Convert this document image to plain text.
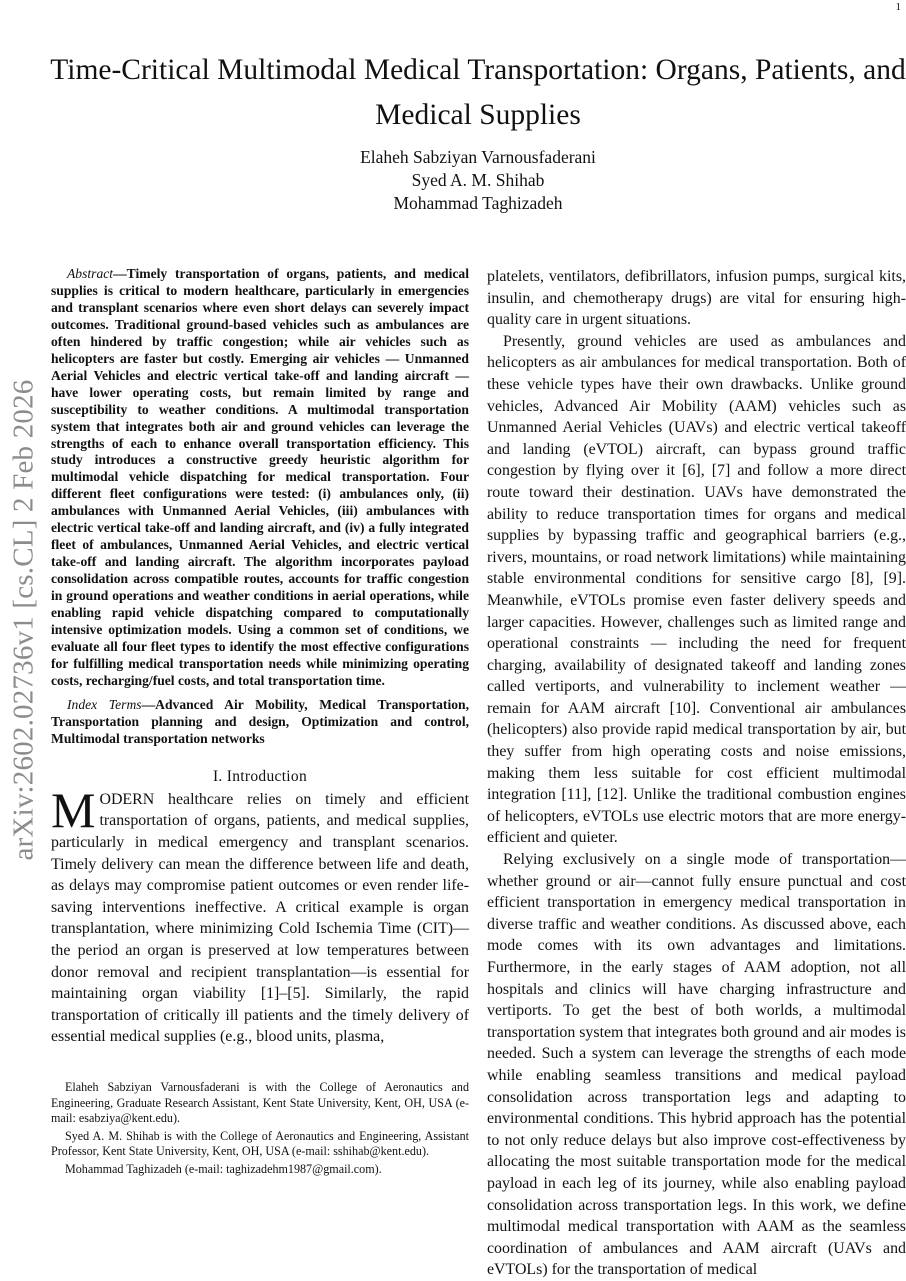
1
arXiv:2602.02736v1 [cs.CL] 2 Feb 2026
Time-Critical Multimodal Medical Transportation: Organs, Patients, and Medical Supplies
Elaheh Sabziyan Varnousfaderani
Syed A. M. Shihab
Mohammad Taghizadeh

Abstract—Timely transportation of organs, patients, and medical supplies is critical to modern healthcare, particularly in emergencies and transplant scenarios where even short delays can severely impact outcomes. Traditional ground-based vehicles such as ambulances are often hindered by traffic congestion; while air vehicles such as helicopters are faster but costly. Emerging air vehicles — Unmanned Aerial Vehicles and electric vertical take-off and landing aircraft — have lower operating costs, but remain limited by range and susceptibility to weather conditions. A multimodal transportation system that integrates both air and ground vehicles can leverage the strengths of each to enhance overall transportation efficiency. This study introduces a constructive greedy heuristic algorithm for multimodal vehicle dispatching for medical transportation. Four different fleet configurations were tested: (i) ambulances only, (ii) ambulances with Unmanned Aerial Vehicles, (iii) ambulances with electric vertical take-off and landing aircraft, and (iv) a fully integrated fleet of ambulances, Unmanned Aerial Vehicles, and electric vertical take-off and landing aircraft. The algorithm incorporates payload consolidation across compatible routes, accounts for traffic congestion in ground operations and weather conditions in aerial operations, while enabling rapid vehicle dispatching compared to computationally intensive optimization models. Using a common set of conditions, we evaluate all four fleet types to identify the most effective configurations for fulfilling medical transportation needs while minimizing operating costs, recharging/fuel costs, and total transportation time.

Index Terms—Advanced Air Mobility, Medical Transportation, Transportation planning and design, Optimization and control, Multimodal transportation networks

I. Introduction

MODERN healthcare relies on timely and efficient transportation of organs, patients, and medical supplies, particularly in medical emergency and transplant scenarios. Timely delivery can mean the difference between life and death, as delays may compromise patient outcomes or even render life-saving interventions ineffective. A critical example is organ transplantation, where minimizing Cold Ischemia Time (CIT)—the period an organ is preserved at low temperatures between donor removal and recipient transplantation—is essential for maintaining organ viability [1]–[5]. Similarly, the rapid transportation of critically ill patients and the timely delivery of essential medical supplies (e.g., blood units, plasma,

Elaheh Sabziyan Varnousfaderani is with the College of Aeronautics and Engineering, Graduate Research Assistant, Kent State University, Kent, OH, USA (e-mail: esabziya@kent.edu).

Syed A. M. Shihab is with the College of Aeronautics and Engineering, Assistant Professor, Kent State University, Kent, OH, USA (e-mail: sshihab@kent.edu).

Mohammad Taghizadeh (e-mail: taghizadehm1987@gmail.com).

platelets, ventilators, defibrillators, infusion pumps, surgical kits, insulin, and chemotherapy drugs) are vital for ensuring high-quality care in urgent situations.

Presently, ground vehicles are used as ambulances and helicopters as air ambulances for medical transportation. Both of these vehicle types have their own drawbacks. Unlike ground vehicles, Advanced Air Mobility (AAM) vehicles such as Unmanned Aerial Vehicles (UAVs) and electric vertical takeoff and landing (eVTOL) aircraft, can bypass ground traffic congestion by flying over it [6], [7] and follow a more direct route toward their destination. UAVs have demonstrated the ability to reduce transportation times for organs and medical supplies by bypassing traffic and geographical barriers (e.g., rivers, mountains, or road network limitations) while maintaining stable environmental conditions for sensitive cargo [8], [9]. Meanwhile, eVTOLs promise even faster delivery speeds and larger capacities. However, challenges such as limited range and operational constraints — including the need for frequent charging, availability of designated takeoff and landing zones called vertiports, and vulnerability to inclement weather — remain for AAM aircraft [10]. Conventional air ambulances (helicopters) also provide rapid medical transportation by air, but they suffer from high operating costs and noise emissions, making them less suitable for cost efficient multimodal integration [11], [12]. Unlike the traditional combustion engines of helicopters, eVTOLs use electric motors that are more energy-efficient and quieter.

Relying exclusively on a single mode of transportation—whether ground or air—cannot fully ensure punctual and cost efficient transportation in emergency medical transportation in diverse traffic and weather conditions. As discussed above, each mode comes with its own advantages and limitations. Furthermore, in the early stages of AAM adoption, not all hospitals and clinics will have charging infrastructure and vertiports. To get the best of both worlds, a multimodal transportation system that integrates both ground and air modes is needed. Such a system can leverage the strengths of each mode while enabling seamless transitions and medical payload consolidation across transportation legs and adapting to environmental conditions. This hybrid approach has the potential to not only reduce delays but also improve cost-effectiveness by allocating the most suitable transportation mode for the medical payload in each leg of its journey, while also enabling payload consolidation across transportation legs. In this work, we define multimodal medical transportation with AAM as the seamless coordination of ambulances and AAM aircraft (UAVs and eVTOLs) for the transportation of medical
